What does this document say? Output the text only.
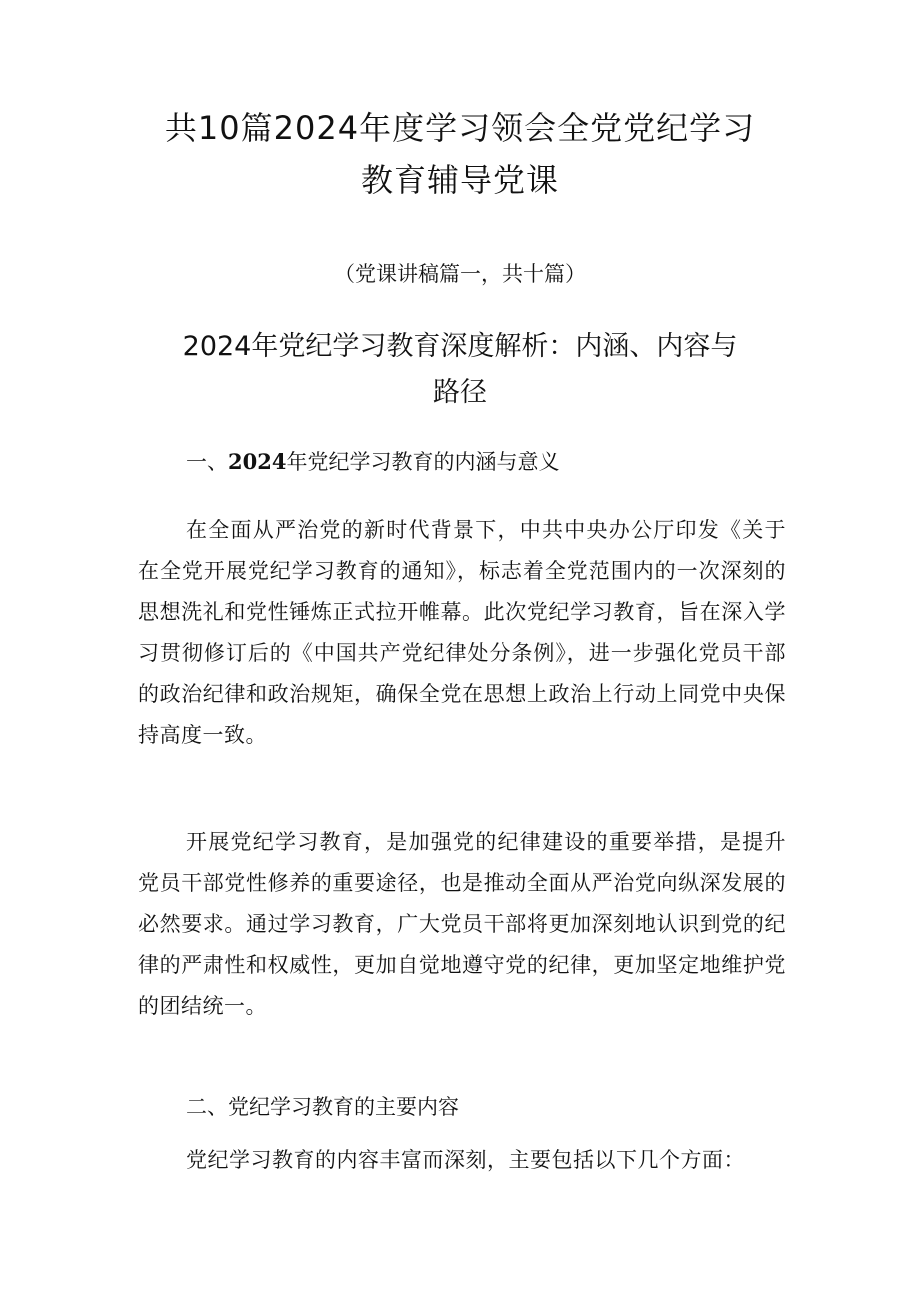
共10篇2024年度学习领会全党党纪学习
教育辅导党课
（党课讲稿篇一，共十篇）
2024年党纪学习教育深度解析：内涵、内容与
路径
一、2024年党纪学习教育的内涵与意义

在全面从严治党的新时代背景下，中共中央办公厅印发《关于在全党开展党纪学习教育的通知》，标志着全党范围内的一次深刻的思想洗礼和党性锤炼正式拉开帷幕。此次党纪学习教育，旨在深入学习贯彻修订后的《中国共产党纪律处分条例》，进一步强化党员干部的政治纪律和政治规矩，确保全党在思想上政治上行动上同党中央保持高度一致。

开展党纪学习教育，是加强党的纪律建设的重要举措，是提升党员干部党性修养的重要途径，也是推动全面从严治党向纵深发展的必然要求。通过学习教育，广大党员干部将更加深刻地认识到党的纪律的严肃性和权威性，更加自觉地遵守党的纪律，更加坚定地维护党的团结统一。

二、党纪学习教育的主要内容

党纪学习教育的内容丰富而深刻，主要包括以下几个方面：
